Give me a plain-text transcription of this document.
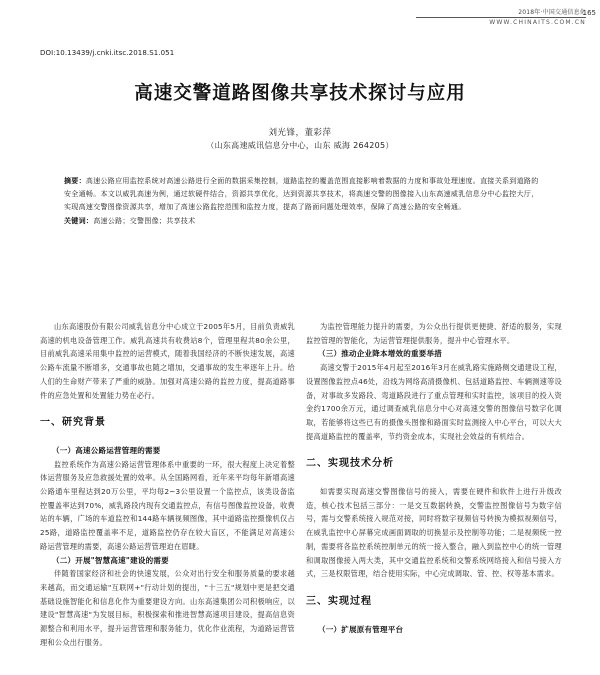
2018年·中国交通信息化
WWW.CHINAITS.COM.CN
165
DOI:10.13439/j.cnki.itsc.2018.S1.051
高速交警道路图像共享技术探讨与应用
刘光锋，董彩萍
（山东高速威讯信息分中心，山东 威海 264205）
摘要：高速公路应用监控系统对高速公路进行全面的数据采集控制，道路监控的覆盖范围直接影响着数据的力度和事故处理速度。直接关系到道路的安全通畅。本文以威乳高速为例，通过软硬件结合，资源共享优化，达到资源共享技术，将高速交警的图像接入山东高速威乳信息分中心监控大厅，实现高速交警图像资源共享，增加了高速公路监控范围和监控力度，提高了路面问题处理效率，保障了高速公路的安全畅通。
关键词：高速公路；交警图像；共享技术

山东高速股份有限公司威乳信息分中心成立于2005年5月，目前负责威乳高速的机电设备管理工作。威乳高速共有收费站8个，管理里程共80余公里，目前威乳高速采用集中监控的运营模式，随着我国经济的不断快速发展，高速公路车流量不断增多，交通事故也随之增加，交通事故的发生率逐年上升。给人们的生命财产带来了严重的威胁。加强对高速公路的监控力度，提高道路事件的应急处置和处置能力势在必行。

一、研究背景
（一）高速公路运营管理的需要

监控系统作为高速公路运营管理体系中重要的一环，很大程度上决定着整体运营服务及应急救援处置的效率。从全国路网看，近年来平均每年新增高速公路通车里程达到20万公里，平均每2~3公里设置一个监控点，该类设备监控覆盖率达到70%，威乳路段内现有交通监控点，有信号图像监控设备，收费站的车辆，广场的车道监控和144路车辆视频图像，其中道路监控摄像机仅占25路，道路监控覆盖率不足，道路监控仍存在较大盲区，不能满足对高速公路运营管理的需要，高速公路运营管理迫在眉睫。

（二）开展"智慧高速"建设的需要

伴随着国家经济和社会的快速发展，公众对出行安全和服务质量的要求越来越高，而交通运输"互联网+"行动计划的提出，"十三五"规划中更是把交通基础设施智能化和信息化作为重要建设方向。山东高速集团公司积极响应，以建设"智慧高速"为发展目标，积极探索和推进智慧高速项目建设，提高信息资源整合和利用水平，提升运营管理和服务能力，优化作业流程，为道路运营管理和公众出行服务。

为监控管理能力提升的需要，为公众出行提供更便捷、舒适的服务，实现监控管理的智能化，为运营管理提供服务，提升中心管理水平。

（三）推动企业降本增效的重要举措

高速交警于2015年4月起至2016年3月在威乳路实施路侧交通建设工程，设置图像监控点46处，沿线为网络高清摄像机、包括道路监控、车辆测速等设备，对事故多发路段、弯道路段进行了重点管理和实时监控，该项目的投入资金约1700余万元，通过调查威乳信息分中心对高速交警的图像信号数字化调取，若能够将这些已有的摄像头图像和路面实时监测接入中心平台，可以大大提高道路监控的覆盖率，节约资金成本，实现社会效益的有机结合。

二、实现技术分析

如需要实现高速交警图像信号的接入，需要在硬件和软件上进行升级改造，核心技术包括三部分：一是交互数据转换，交警监控图像信号为数字信号，需与交警系统接入规范对接，同时将数字视频信号转换为模拟视频信号，在威乳监控中心屏幕完成画面调取的切换显示及控制等功能；二是视频统一控制，需要将各监控系统控制单元的统一接入整合，融入到监控中心的统一管理和调取图像接入两大类，其中交通监控系统和交警系统网络接入和信号接入方式，三是权限管理，结合使用实际，中心完成调取、管、控、权等基本需求。

三、实现过程
（一）扩展原有管理平台
